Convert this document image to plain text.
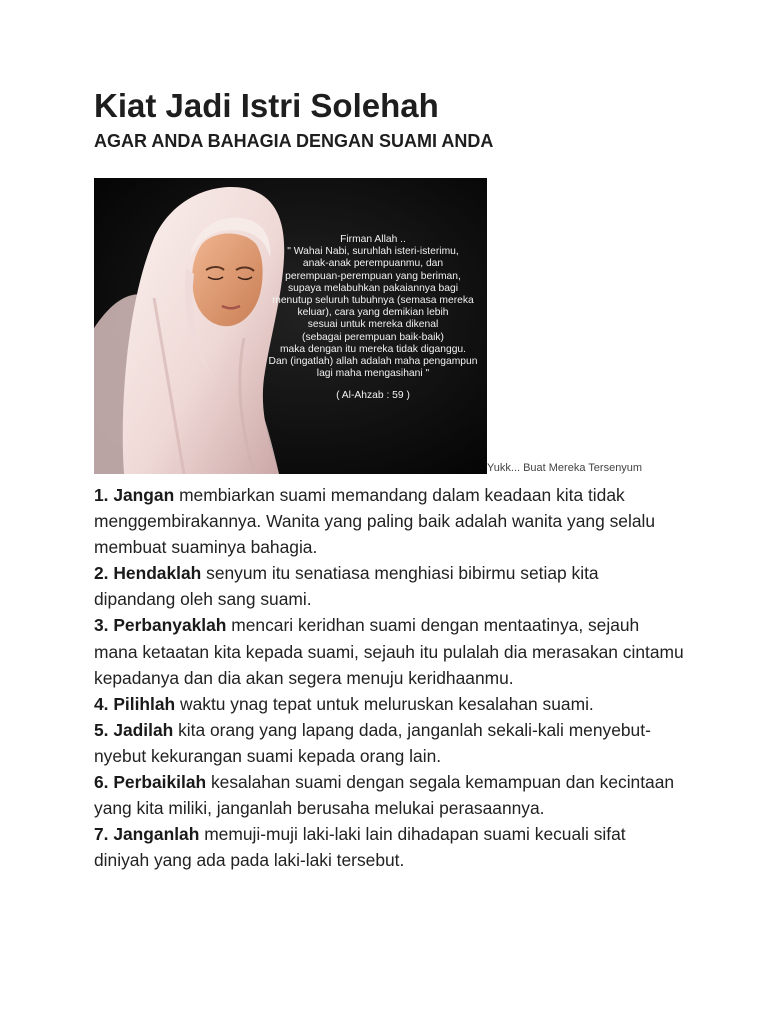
Kiat Jadi Istri Solehah
AGAR ANDA BAHAGIA DENGAN SUAMI ANDA
Firman Allah ..
" Wahai Nabi, suruhlah isteri-isterimu,
anak-anak perempuanmu, dan
perempuan-perempuan yang beriman,
supaya melabuhkan pakaiannya bagi
menutup seluruh tubuhnya (semasa mereka
keluar), cara yang demikian lebih
sesuai untuk mereka dikenal
(sebagai perempuan baik-baik)
maka dengan itu mereka tidak diganggu.
Dan (ingatlah) allah adalah maha pengampun
lagi maha mengasihani "
( Al-Ahzab : 59 )
Yukk... Buat Mereka Tersenyum

1. Jangan membiarkan suami memandang dalam keadaan kita tidak menggembirakannya. Wanita yang paling baik adalah wanita yang selalu membuat suaminya bahagia.

2. Hendaklah senyum itu senatiasa menghiasi bibirmu setiap kita dipandang oleh sang suami.

3. Perbanyaklah mencari keridhan suami dengan mentaatinya, sejauh mana ketaatan kita kepada suami, sejauh itu pulalah dia merasakan cintamu kepadanya dan dia akan segera menuju keridhaanmu.

4. Pilihlah waktu ynag tepat untuk meluruskan kesalahan suami.

5. Jadilah kita orang yang lapang dada, janganlah sekali-kali menyebut-nyebut kekurangan suami kepada orang lain.

6. Perbaikilah kesalahan suami dengan segala kemampuan dan kecintaan yang kita miliki, janganlah berusaha melukai perasaannya.

7. Janganlah memuji-muji laki-laki lain dihadapan suami kecuali sifat diniyah yang ada pada laki-laki tersebut.
